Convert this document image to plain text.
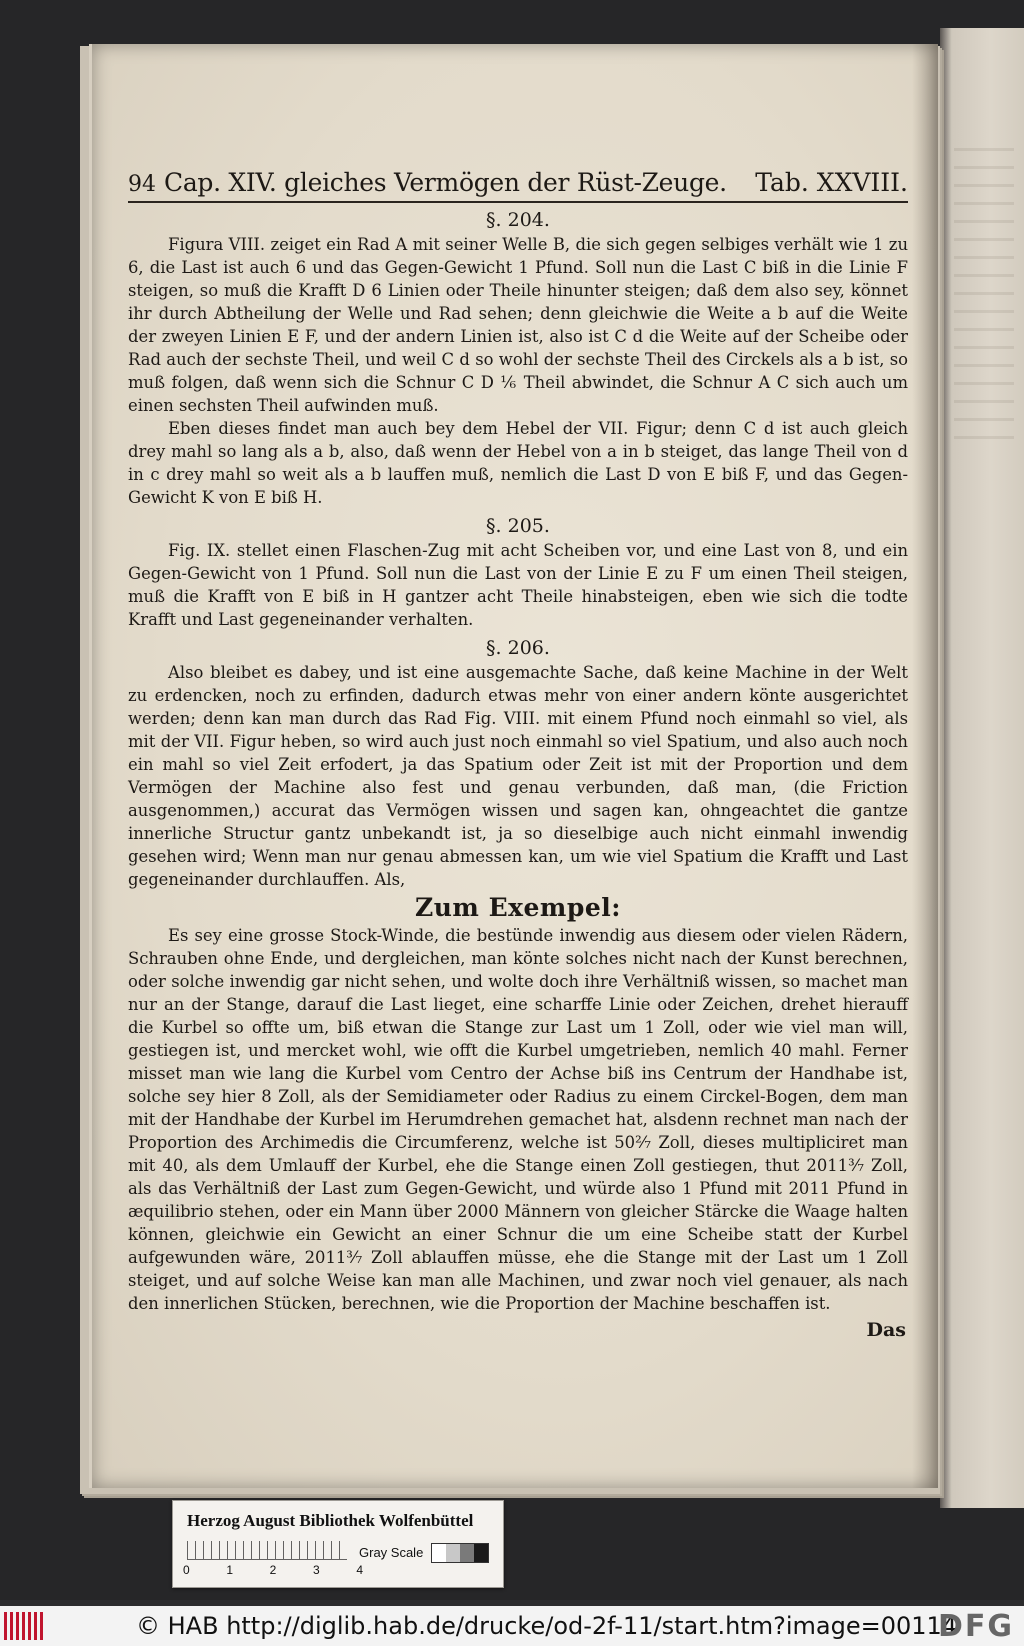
94 Cap. XIV. gleiches Vermögen der Rüst-Zeuge.	Tab. XXVIII.
§. 204.

Figura VIII. zeiget ein Rad A mit seiner Welle B, die sich gegen selbiges verhält wie 1 zu 6, die Last ist auch 6 und das Gegen-Gewicht 1 Pfund. Soll nun die Last C biß in die Linie F steigen, so muß die Krafft D 6 Linien oder Theile hinunter steigen; daß dem also sey, könnet ihr durch Abtheilung der Welle und Rad sehen; denn gleichwie die Weite a b auf die Weite der zweyen Linien E F, und der andern Linien ist, also ist C d die Weite auf der Scheibe oder Rad auch der sechste Theil, und weil C d so wohl der sechste Theil des Circkels als a b ist, so muß folgen, daß wenn sich die Schnur C D ⅙ Theil abwindet, die Schnur A C sich auch um einen sechsten Theil aufwinden muß.

Eben dieses findet man auch bey dem Hebel der VII. Figur; denn C d ist auch gleich drey mahl so lang als a b, also, daß wenn der Hebel von a in b steiget, das lange Theil von d in c drey mahl so weit als a b lauffen muß, nemlich die Last D von E biß F, und das Gegen-Gewicht K von E biß H.

§. 205.

Fig. IX. stellet einen Flaschen-Zug mit acht Scheiben vor, und eine Last von 8, und ein Gegen-Gewicht von 1 Pfund. Soll nun die Last von der Linie E zu F um einen Theil steigen, muß die Krafft von E biß in H gantzer acht Theile hinabsteigen, eben wie sich die todte Krafft und Last gegeneinander verhalten.

§. 206.

Also bleibet es dabey, und ist eine ausgemachte Sache, daß keine Machine in der Welt zu erdencken, noch zu erfinden, dadurch etwas mehr von einer andern könte ausgerichtet werden; denn kan man durch das Rad Fig. VIII. mit einem Pfund noch einmahl so viel, als mit der VII. Figur heben, so wird auch just noch einmahl so viel Spatium, und also auch noch ein mahl so viel Zeit erfodert, ja das Spatium oder Zeit ist mit der Proportion und dem Vermögen der Machine also fest und genau verbunden, daß man, (die Friction ausgenommen,) accurat das Vermögen wissen und sagen kan, ohngeachtet die gantze innerliche Structur gantz unbekandt ist, ja so dieselbige auch nicht einmahl inwendig gesehen wird; Wenn man nur genau abmessen kan, um wie viel Spatium die Krafft und Last gegeneinander durchlauffen. Als,

Zum Exempel:

Es sey eine grosse Stock-Winde, die bestünde inwendig aus diesem oder vielen Rädern, Schrauben ohne Ende, und dergleichen, man könte solches nicht nach der Kunst berechnen, oder solche inwendig gar nicht sehen, und wolte doch ihre Verhältniß wissen, so machet man nur an der Stange, darauf die Last lieget, eine scharffe Linie oder Zeichen, drehet hierauff die Kurbel so offte um, biß etwan die Stange zur Last um 1 Zoll, oder wie viel man will, gestiegen ist, und mercket wohl, wie offt die Kurbel umgetrieben, nemlich 40 mahl. Ferner misset man wie lang die Kurbel vom Centro der Achse biß ins Centrum der Handhabe ist, solche sey hier 8 Zoll, als der Semidiameter oder Radius zu einem Circkel-Bogen, dem man mit der Handhabe der Kurbel im Herumdrehen gemachet hat, alsdenn rechnet man nach der Proportion des Archimedis die Circumferenz, welche ist 50²⁄₇ Zoll, dieses multipliciret man mit 40, als dem Umlauff der Kurbel, ehe die Stange einen Zoll gestiegen, thut 2011³⁄₇ Zoll, als das Verhältniß der Last zum Gegen-Gewicht, und würde also 1 Pfund mit 2011 Pfund in æquilibrio stehen, oder ein Mann über 2000 Männern von gleicher Stärcke die Waage halten können, gleichwie ein Gewicht an einer Schnur die um eine Scheibe statt der Kurbel aufgewunden wäre, 2011³⁄₇ Zoll ablauffen müsse, ehe die Stange mit der Last um 1 Zoll steiget, und auf solche Weise kan man alle Machinen, und zwar noch viel genauer, als nach den innerlichen Stücken, berechnen, wie die Proportion der Machine beschaffen ist.

Das
Herzog August Bibliothek Wolfenbüttel
0	1	2	3	4
Gray Scale
© HAB http://diglib.hab.de/drucke/od-2f-11/start.htm?image=00114
DFG
